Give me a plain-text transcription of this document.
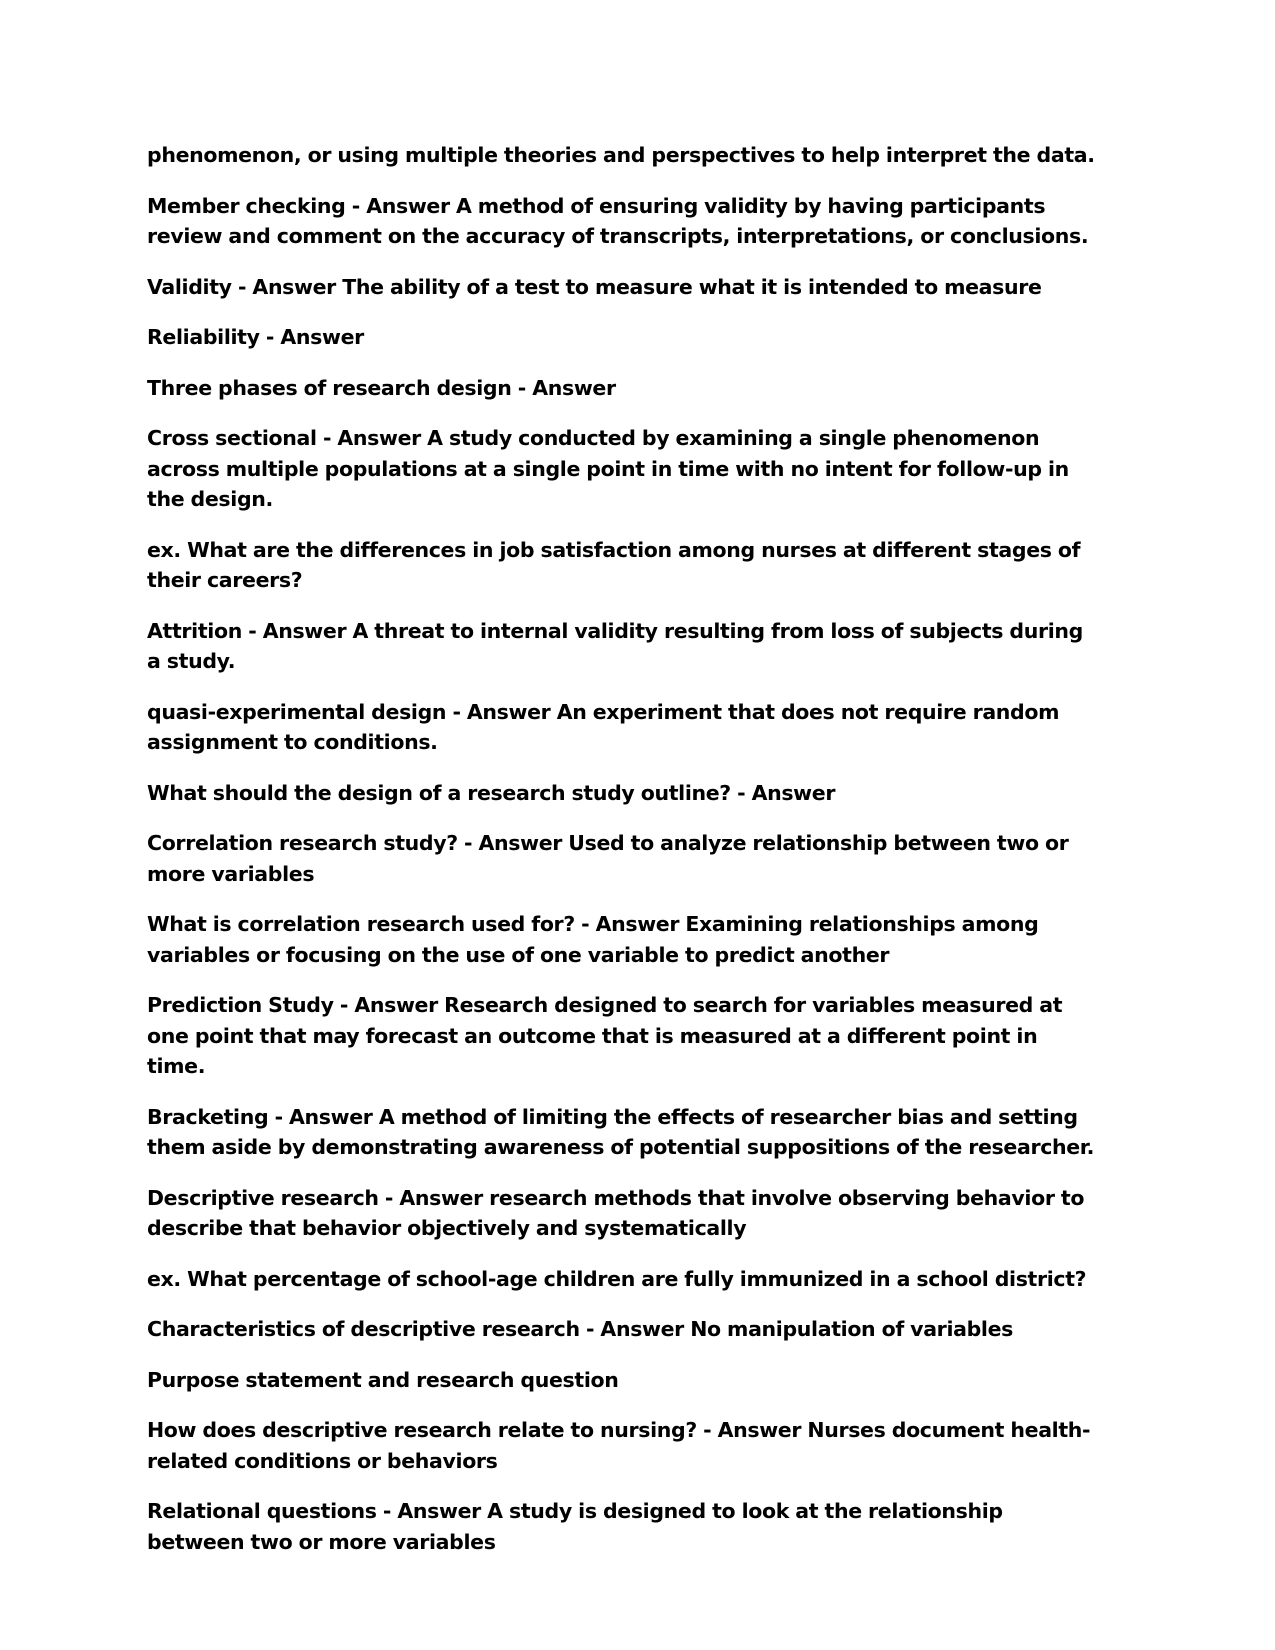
phenomenon, or using multiple theories and perspectives to help interpret the data.

Member checking - Answer A method of ensuring validity by having participants review and comment on the accuracy of transcripts, interpretations, or conclusions.

Validity - Answer The ability of a test to measure what it is intended to measure

Reliability - Answer

Three phases of research design - Answer

Cross sectional - Answer A study conducted by examining a single phenomenon across multiple populations at a single point in time with no intent for follow-up in the design.

ex. What are the differences in job satisfaction among nurses at different stages of their careers?

Attrition - Answer A threat to internal validity resulting from loss of subjects during a study.

quasi-experimental design - Answer An experiment that does not require random assignment to conditions.

What should the design of a research study outline? - Answer

Correlation research study? - Answer Used to analyze relationship between two or more variables

What is correlation research used for? - Answer Examining relationships among variables or focusing on the use of one variable to predict another

Prediction Study - Answer Research designed to search for variables measured at one point that may forecast an outcome that is measured at a different point in time.

Bracketing - Answer A method of limiting the effects of researcher bias and setting them aside by demonstrating awareness of potential suppositions of the researcher.

Descriptive research - Answer research methods that involve observing behavior to describe that behavior objectively and systematically

ex. What percentage of school-age children are fully immunized in a school district?

Characteristics of descriptive research - Answer No manipulation of variables

Purpose statement and research question

How does descriptive research relate to nursing? - Answer Nurses document health-related conditions or behaviors

Relational questions - Answer A study is designed to look at the relationship between two or more variables
